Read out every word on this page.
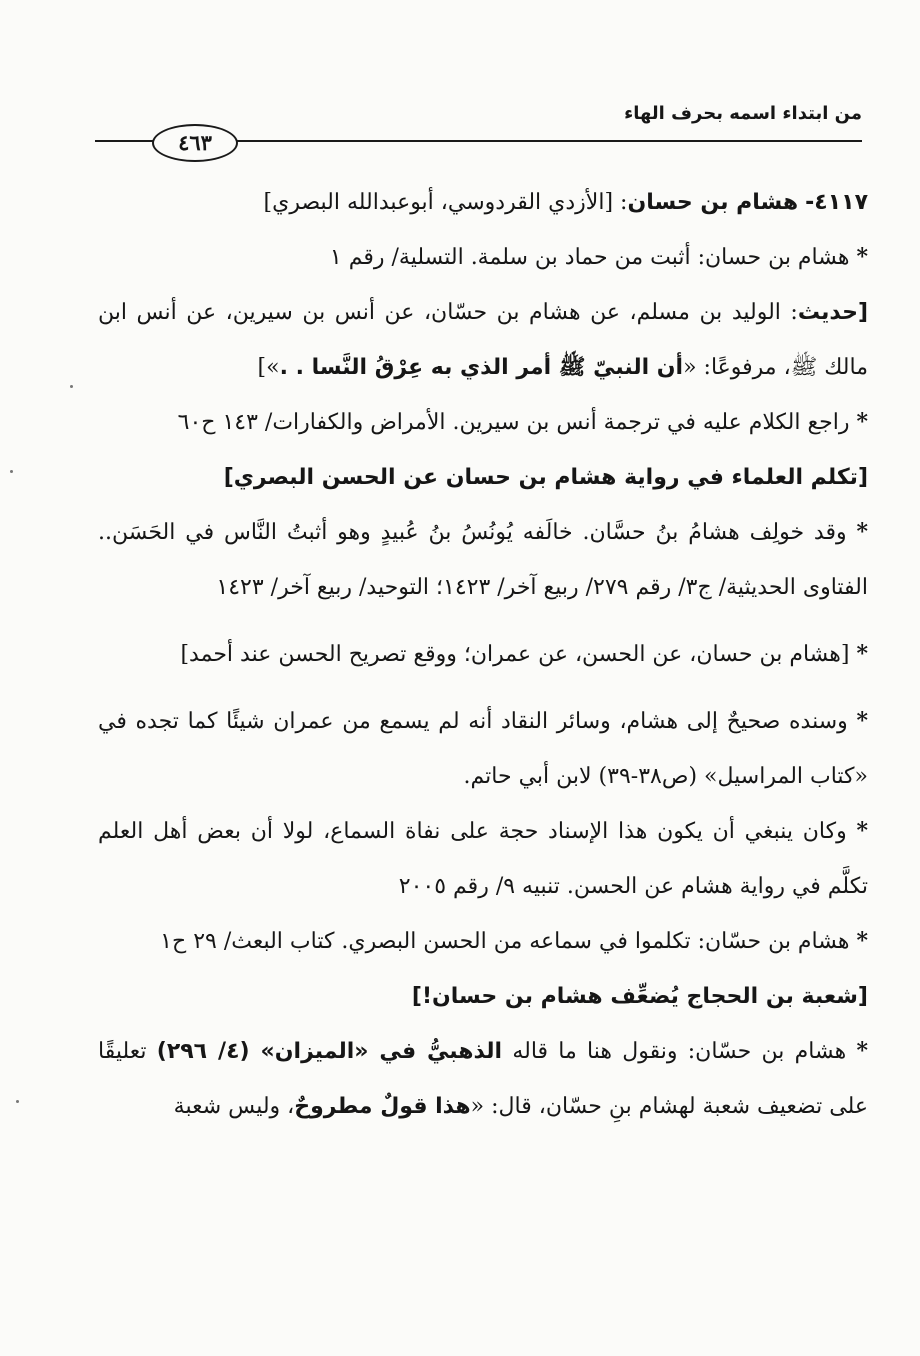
من ابتداء اسمه بحرف الهاء
٤٦٣

٤١١٧- هشام بن حسان: [الأزدي القردوسي، أبوعبدالله البصري]

* هشام بن حسان: أثبت من حماد بن سلمة. التسلية/ رقم ١

[حديث: الوليد بن مسلم، عن هشام بن حسّان، عن أنس بن سيرين، عن أنس ابن مالك ﷺ، مرفوعًا: «أن النبيّ ﷺ أمر الذي به عِرْقُ النَّسا . .»]

* راجع الكلام عليه في ترجمة أنس بن سيرين. الأمراض والكفارات/ ١٤٣ ح٦٠

[تكلم العلماء في رواية هشام بن حسان عن الحسن البصري]

* وقد خولِف هشامُ بنُ حسَّان. خالَفه يُونُسُ بنُ عُبيدٍ وهو أثبتُ النَّاس في الحَسَن.. الفتاوى الحديثية/ ج٣/ رقم ٢٧٩/ ربيع آخر/ ١٤٢٣؛ التوحيد/ ربيع آخر/ ١٤٢٣

* [هشام بن حسان، عن الحسن، عن عمران؛ ووقع تصريح الحسن عند أحمد]

* وسنده صحيحٌ إلى هشام، وسائر النقاد أنه لم يسمع من عمران شيئًا كما تجده في «كتاب المراسيل» (ص٣٨-٣٩) لابن أبي حاتم.

* وكان ينبغي أن يكون هذا الإسناد حجة على نفاة السماع، لولا أن بعض أهل العلم تكلَّم في رواية هشام عن الحسن. تنبيه ٩/ رقم ٢٠٠٥

* هشام بن حسّان: تكلموا في سماعه من الحسن البصري. كتاب البعث/ ٢٩ ح١

[شعبة بن الحجاج يُضعِّف هشام بن حسان!]

* هشام بن حسّان: ونقول هنا ما قاله الذهبيُّ في «الميزان» (٤/ ٢٩٦) تعليقًا على تضعيف شعبة لهشام بنِ حسّان، قال: «هذا قولٌ مطروحٌ، وليس شعبة
